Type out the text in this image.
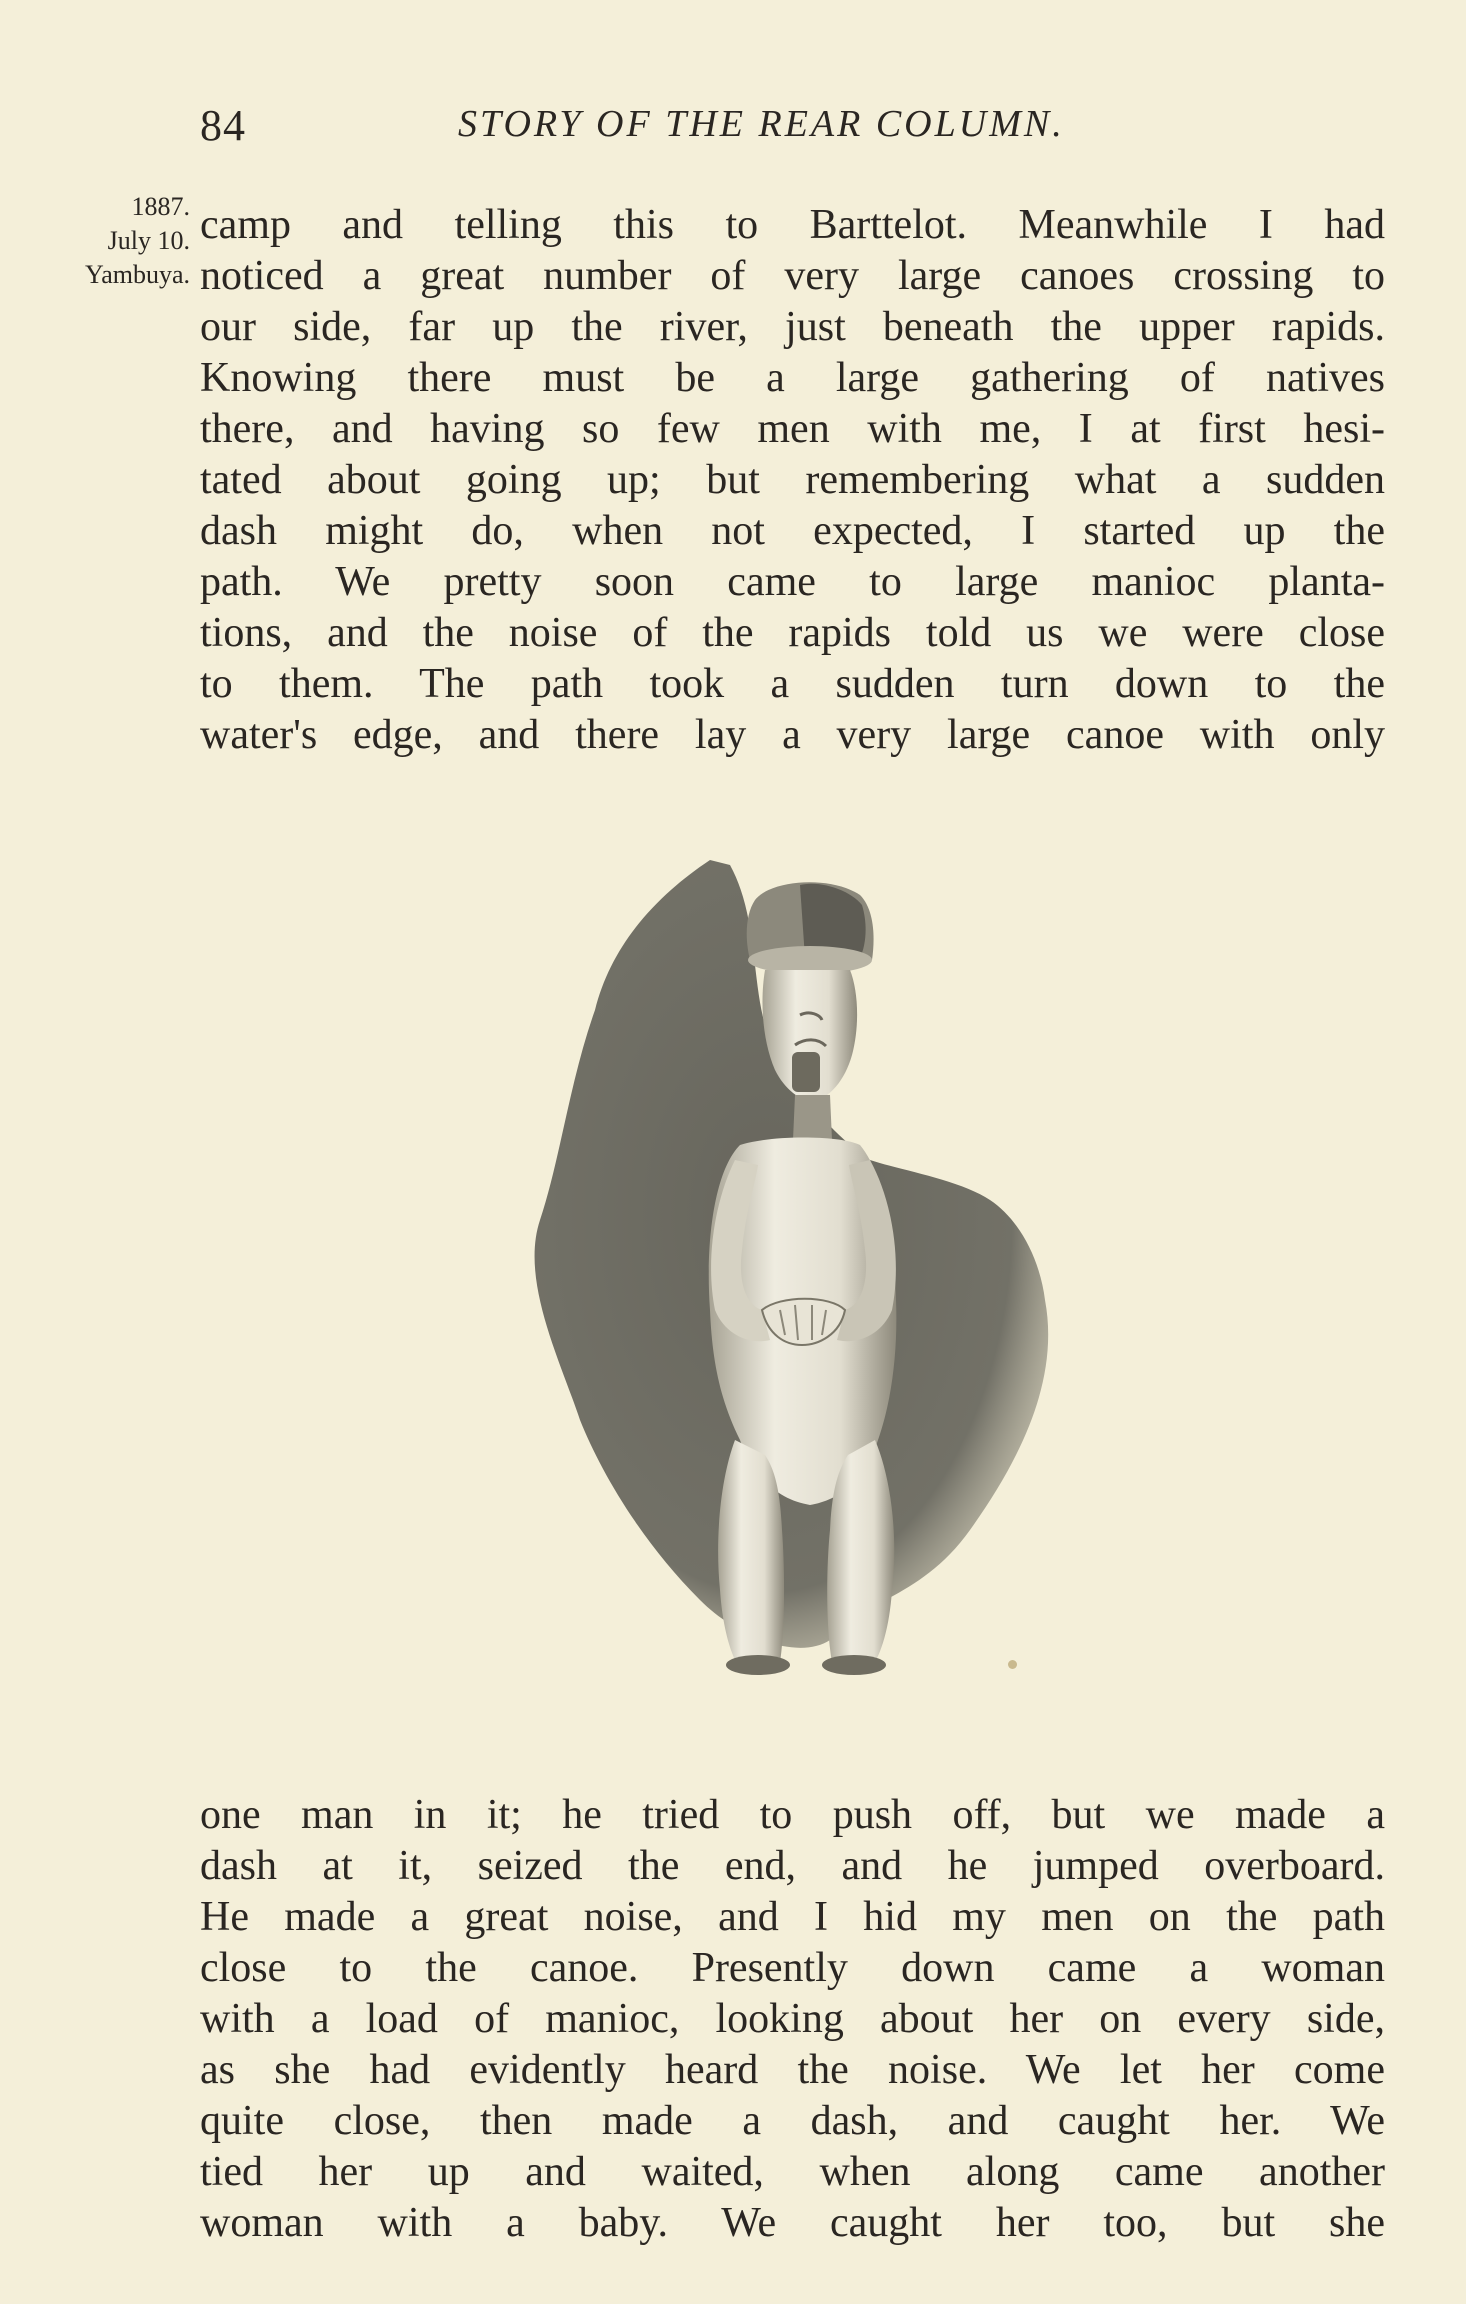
84	STORY OF THE REAR COLUMN.
1887.
July 10.
Yambuya.
camp and telling this to Barttelot. Meanwhile I had
noticed a great number of very large canoes crossing to
our side, far up the river, just beneath the upper rapids.
Knowing there must be a large gathering of natives
there, and having so few men with me, I at first hesi-
tated about going up; but remembering what a sudden
dash might do, when not expected, I started up the
path. We pretty soon came to large manioc planta-
tions, and the noise of the rapids told us we were close
to them. The path took a sudden turn down to the
water's edge, and there lay a very large canoe with only
one man in it; he tried to push off, but we made a
dash at it, seized the end, and he jumped overboard.
He made a great noise, and I hid my men on the path
close to the canoe. Presently down came a woman
with a load of manioc, looking about her on every side,
as she had evidently heard the noise. We let her come
quite close, then made a dash, and caught her. We
tied her up and waited, when along came another
woman with a baby. We caught her too, but she
